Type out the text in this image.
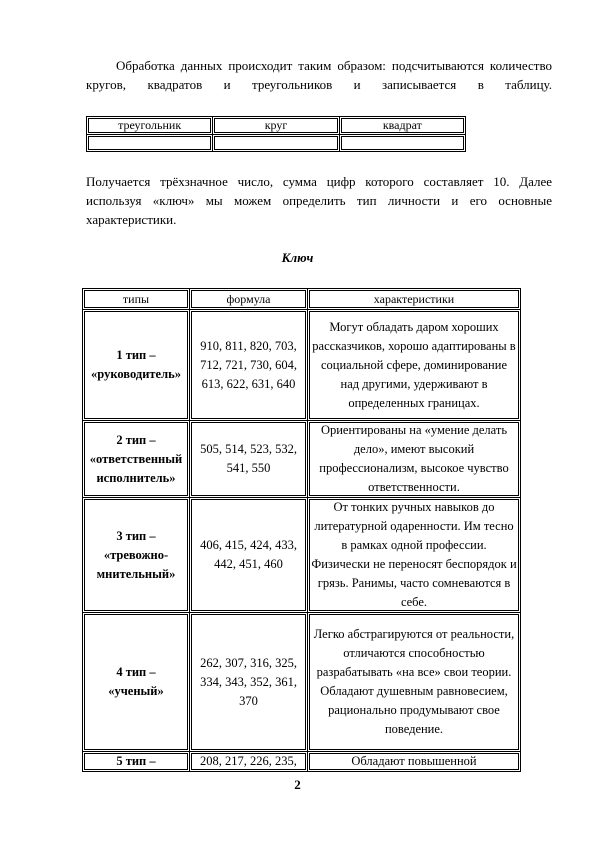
Обработка данных происходит таким образом: подсчитываются количество
кругов, квадратов и треугольников и записывается в таблицу.

треугольник	круг	квадрат

Получается трёхзначное число, сумма цифр которого составляет 10. Далее используя «ключ» мы можем определить тип личности и его основные характеристики.

Ключ

типы	формула	характеристики
1 тип –
«руководитель»	910, 811, 820, 703, 712, 721, 730, 604, 613, 622, 631, 640	Могут обладать даром хороших рассказчиков, хорошо адаптированы в социальной сфере, доминирование над другими, удерживают в определенных границах.
2 тип –
«ответственный
исполнитель»	505, 514, 523, 532, 541, 550	Ориентированы на «умение делать дело», имеют высокий профессионализм, высокое чувство ответственности.
3 тип –
«тревожно-
мнительный»	406, 415, 424, 433, 442, 451, 460	От тонких ручных навыков до литературной одаренности. Им тесно в рамках одной профессии. Физически не переносят беспорядок и грязь. Ранимы, часто сомневаются в себе.
4 тип –
«ученый»	262, 307, 316, 325, 334, 343, 352, 361, 370	Легко абстрагируются от реальности, отличаются способностью разрабатывать «на все» свои теории. Обладают душевным равновесием, рационально продумывают свое поведение.
5 тип –	208, 217, 226, 235,	Обладают повышенной

2
